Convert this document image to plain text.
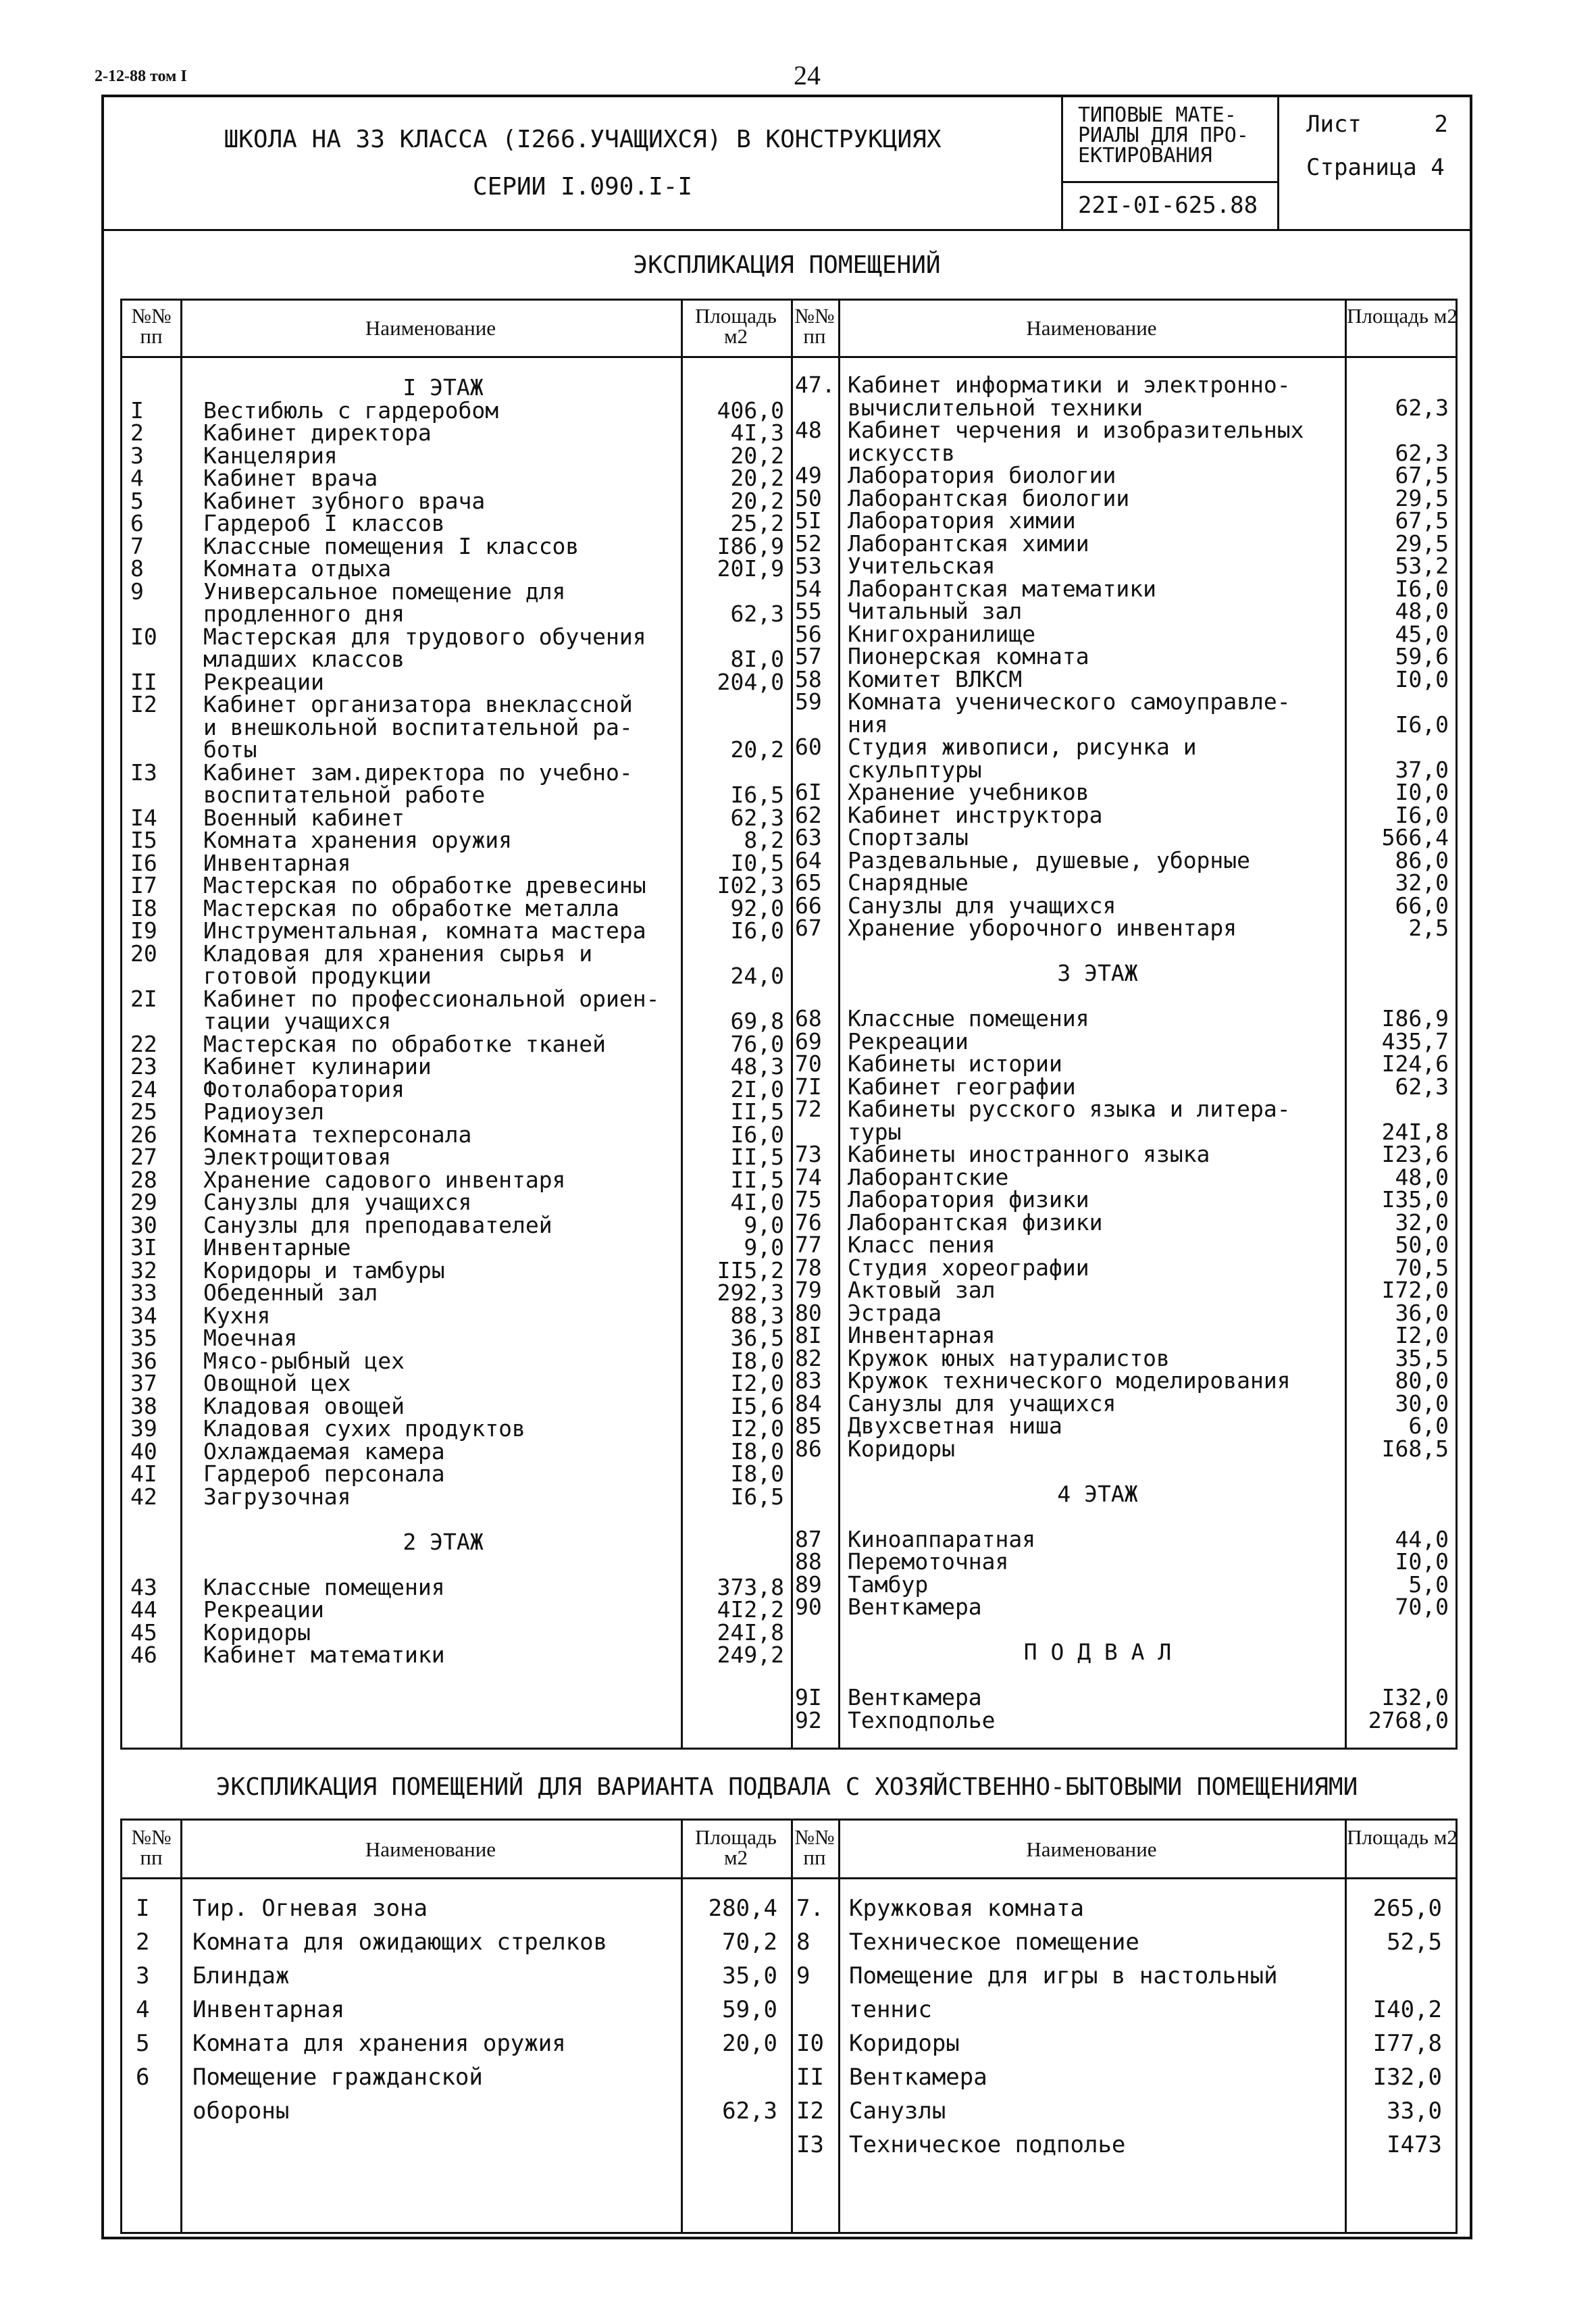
2-12-88 том I	24
ШКОЛА НА 33 КЛАССА (I266.УЧАЩИХСЯ) В КОНСТРУКЦИЯХ
СЕРИИ I.090.I-I
ТИПОВЫЕ МАТЕ-
РИАЛЫ ДЛЯ ПРО-
ЕКТИРОВАНИЯ
22I-0I-625.88
Лист	2
Страница 4
ЭКСПЛИКАЦИЯ ПОМЕЩЕНИЙ
№№ пп	Наименование
Площадь м2
№№ пп	Наименование
Площадь м2
I ЭТАЖ
I	Вестибюль с гардеробом	406,0
2	Кабинет директора	4I,3
3	Канцелярия	20,2
4	Кабинет врача	20,2
5	Кабинет зубного врача	20,2
6	Гардероб I классов	25,2
7	Классные помещения I классов	I86,9
8	Комната отдыха	20I,9
9	Универсальное помещение для
продленного дня	62,3
I0 Мастерская для трудового обучения
младших классов	8I,0
II Рекреации	204,0
I2 Кабинет организатора внеклассной
и внешкольной воспитательной ра-
боты	20,2
I3 Кабинет зам.директора по учебно-
воспитательной работе	I6,5
I4 Военный кабинет	62,3
I5 Комната хранения оружия	8,2
I6 Инвентарная	I0,5
I7 Мастерская по обработке древесины	I02,3
I8 Мастерская по обработке металла	92,0
I9 Инструментальная, комната мастера	I6,0
20 Кладовая для хранения сырья и
готовой продукции	24,0
2I Кабинет по профессиональной ориен-
тации учащихся	69,8
22 Мастерская по обработке тканей	76,0
23 Кабинет кулинарии	48,3
24 Фотолаборатория	2I,0
25 Радиоузел	II,5
26 Комната техперсонала	I6,0
27 Электрощитовая	II,5
28 Хранение садового инвентаря	II,5
29 Санузлы для учащихся	4I,0
30 Санузлы для преподавателей	9,0
3I Инвентарные	9,0
32 Коридоры и тамбуры	II5,2
33 Обеденный зал	292,3
34 Кухня	88,3
35 Моечная	36,5
36 Мясо-рыбный цех	I8,0
37 Овощной цех	I2,0
38 Кладовая овощей	I5,6
39 Кладовая сухих продуктов	I2,0
40 Охлаждаемая камера	I8,0
4I Гардероб персонала	I8,0
42 Загрузочная	I6,5
2 ЭТАЖ
43 Классные помещения	373,8
44 Рекреации	4I2,2
45 Коридоры	24I,8
46 Кабинет математики	249,2
47. Кабинет информатики и электронно-
вычислительной техники	62,3
48 Кабинет черчения и изобразительных
искусств	62,3
49 Лаборатория биологии	67,5
50 Лаборантская биологии	29,5
5I Лаборатория химии	67,5
52 Лаборантская химии	29,5
53 Учительская	53,2
54 Лаборантская математики	I6,0
55 Читальный зал	48,0
56 Книгохранилище	45,0
57 Пионерская комната	59,6
58 Комитет ВЛКСМ	I0,0
59 Комната ученического самоуправле-
ния	I6,0
60 Студия живописи, рисунка и
скульптуры	37,0
6I Хранение учебников	I0,0
62 Кабинет инструктора	I6,0
63 Спортзалы	566,4
64 Раздевальные, душевые, уборные	86,0
65 Снарядные	32,0
66 Санузлы для учащихся	66,0
67 Хранение уборочного инвентаря	2,5
3 ЭТАЖ
68 Классные помещения	I86,9
69 Рекреации	435,7
70 Кабинеты истории	I24,6
7I Кабинет географии	62,3
72 Кабинеты русского языка и литера-
туры	24I,8
73 Кабинеты иностранного языка	I23,6
74 Лаборантские	48,0
75 Лаборатория физики	I35,0
76 Лаборантская физики	32,0
77 Класс пения	50,0
78 Студия хореографии	70,5
79 Актовый зал	I72,0
80 Эстрада	36,0
8I Инвентарная	I2,0
82 Кружок юных натуралистов	35,5
83 Кружок технического моделирования	80,0
84 Санузлы для учащихся	30,0
85 Двухсветная ниша	6,0
86 Коридоры	I68,5
4 ЭТАЖ
87 Киноаппаратная	44,0
88 Перемоточная	I0,0
89 Тамбур	5,0
90 Венткамера	70,0
П О Д В А Л
9I Венткамера	I32,0
92 Техподполье	2768,0
ЭКСПЛИКАЦИЯ ПОМЕЩЕНИЙ ДЛЯ ВАРИАНТА ПОДВАЛА С ХОЗЯЙСТВЕННО-БЫТОВЫМИ ПОМЕЩЕНИЯМИ
№№ пп	Наименование
Площадь м2
№№ пп	Наименование
Площадь м2
I Тир. Огневая зона	280,4
2 Комната для ожидающих стрелков	70,2
3 Блиндаж	35,0
4 Инвентарная	59,0
5 Комната для хранения оружия	20,0
6 Помещение гражданской
обороны	62,3
7. Кружковая комната	265,0
8 Техническое помещение	52,5
9 Помещение для игры в настольный
теннис	I40,2
I0 Коридоры	I77,8
II Венткамера	I32,0
I2 Санузлы	33,0
I3 Техническое подполье	I473
